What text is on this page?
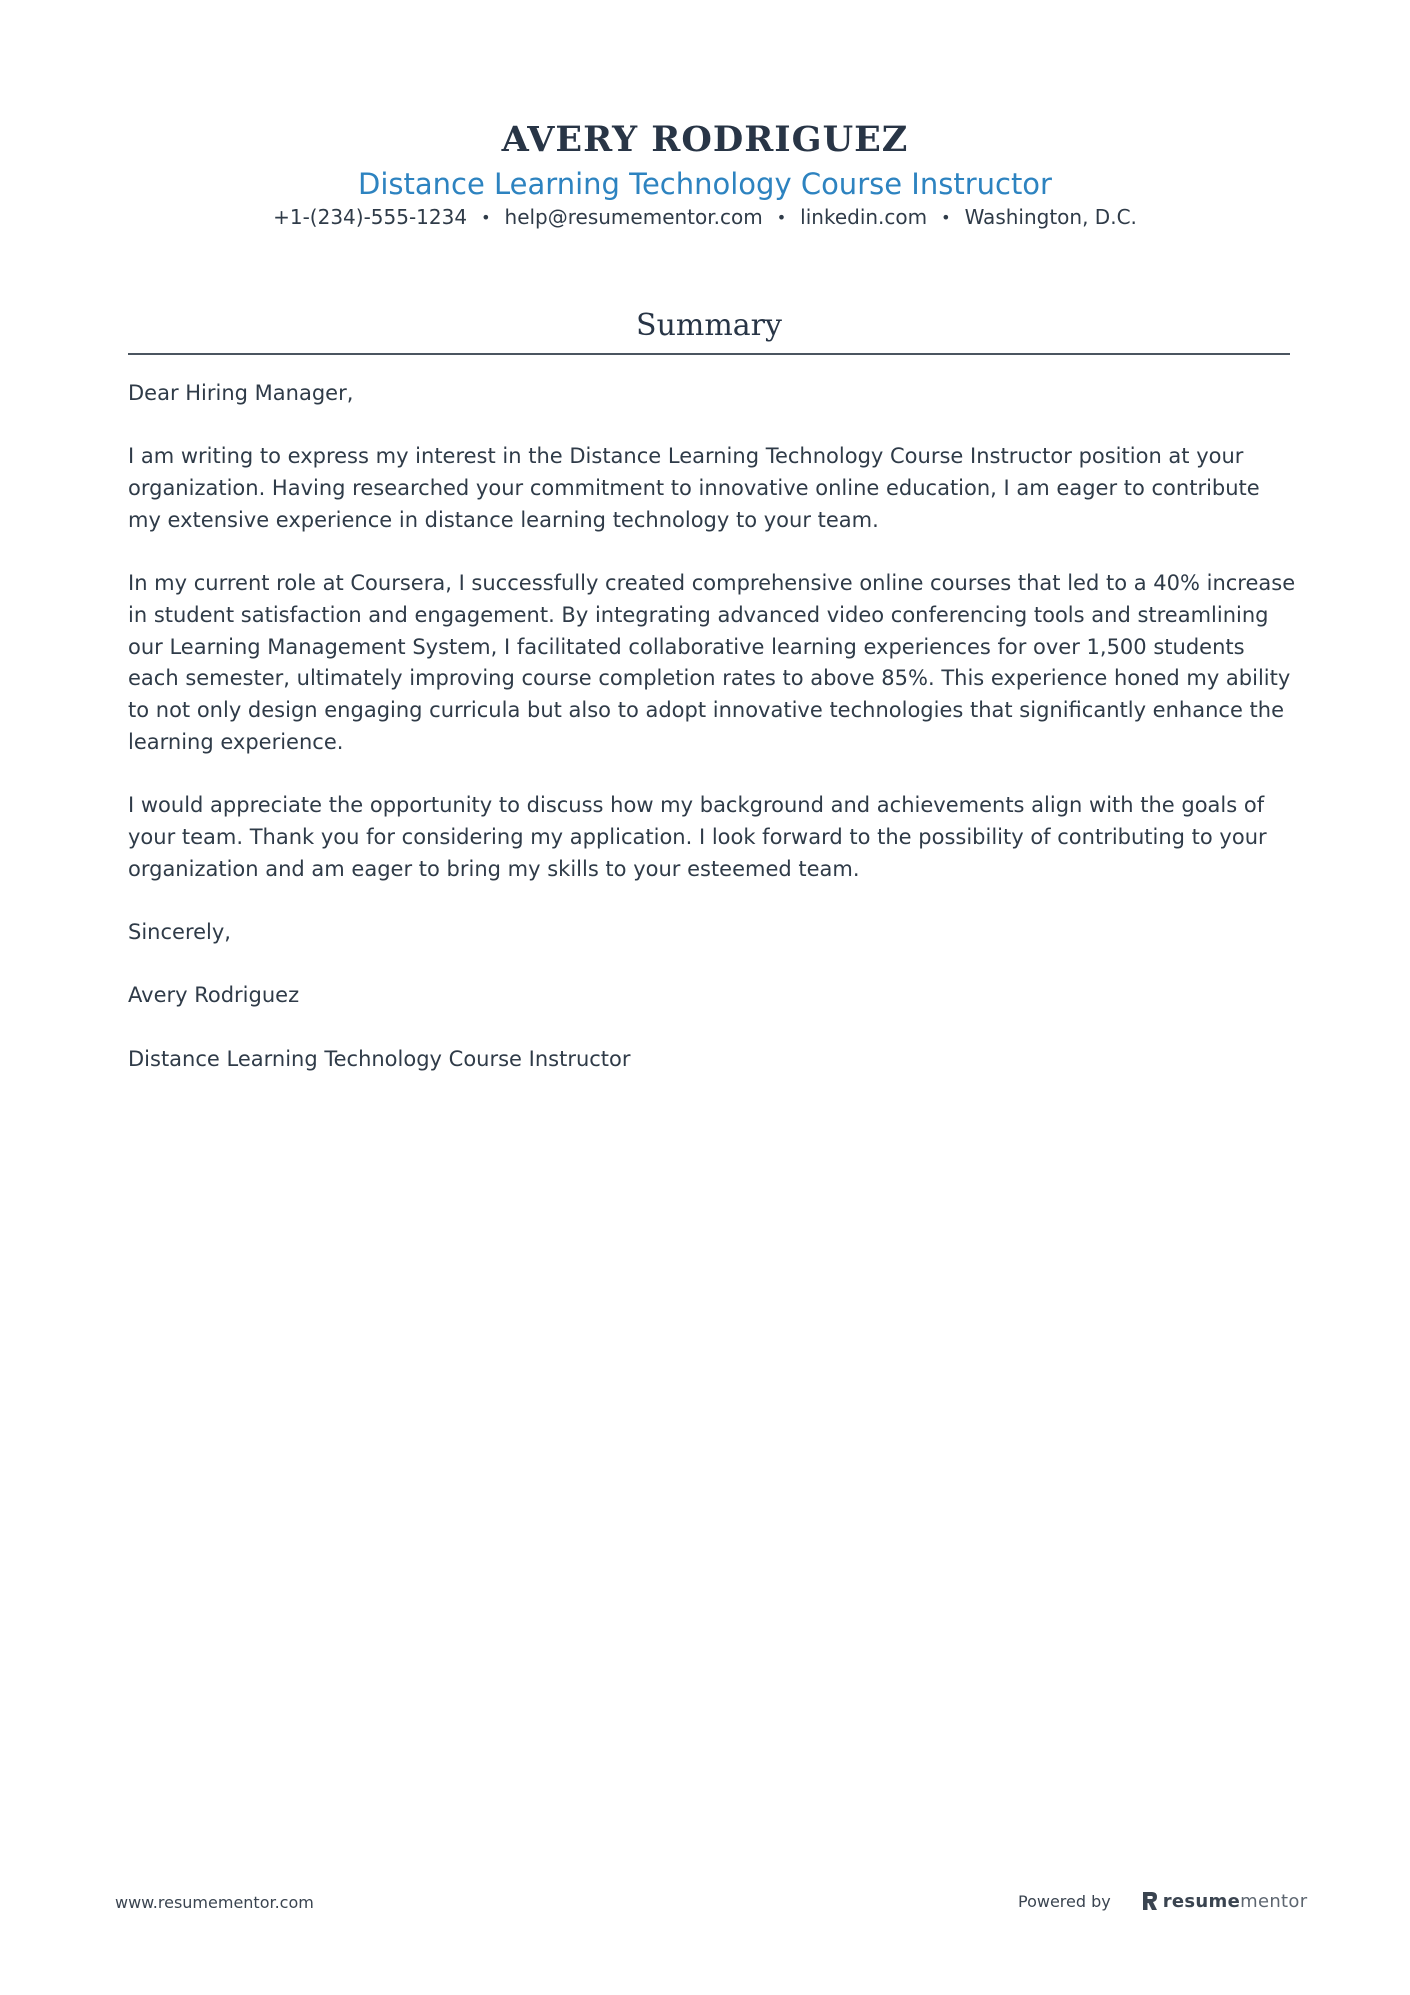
AVERY RODRIGUEZ
Distance Learning Technology Course Instructor
+1-(234)-555-1234 • help@resumementor.com • linkedin.com • Washington, D.C.
Summary

Dear Hiring Manager,

I am writing to express my interest in the Distance Learning Technology Course Instructor position at your organization. Having researched your commitment to innovative online education, I am eager to contribute my extensive experience in distance learning technology to your team.

In my current role at Coursera, I successfully created comprehensive online courses that led to a 40% increase in student satisfaction and engagement. By integrating advanced video conferencing tools and streamlining our Learning Management System, I facilitated collaborative learning experiences for over 1,500 students each semester, ultimately improving course completion rates to above 85%. This experience honed my ability to not only design engaging curricula but also to adopt innovative technologies that significantly enhance the learning experience.

I would appreciate the opportunity to discuss how my background and achievements align with the goals of your team. Thank you for considering my application. I look forward to the possibility of contributing to your organization and am eager to bring my skills to your esteemed team.

Sincerely,

Avery Rodriguez

Distance Learning Technology Course Instructor

www.resumementor.com	Powered by	resumementor
